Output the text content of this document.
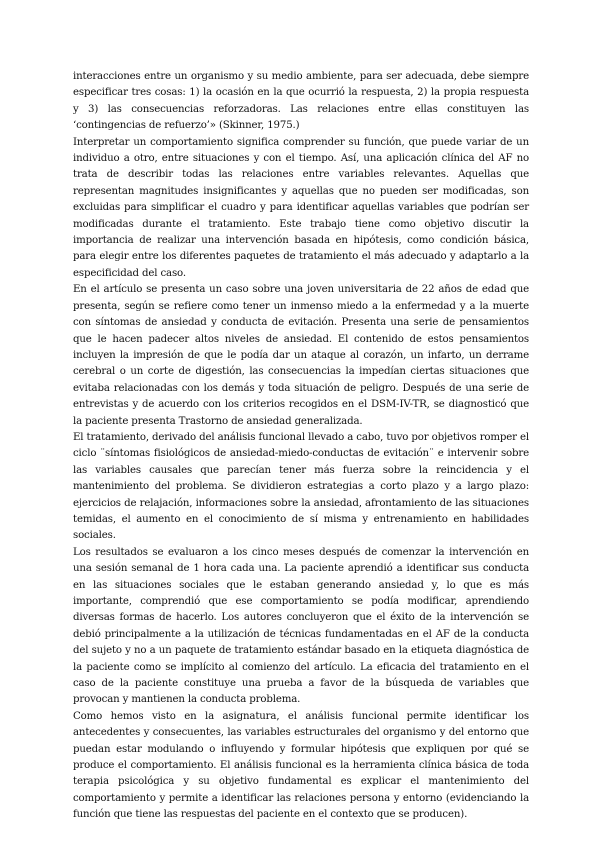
interacciones entre un organismo y su medio ambiente, para ser adecuada, debe siempre especificar tres cosas: 1) la ocasión en la que ocurrió la respuesta, 2) la propia respuesta y 3) las consecuencias reforzadoras. Las relaciones entre ellas constituyen las ‘contingencias de refuerzo’» (Skinner, 1975.)

Interpretar un comportamiento significa comprender su función, que puede variar de un individuo a otro, entre situaciones y con el tiempo. Así, una aplicación clínica del AF no trata de describir todas las relaciones entre variables relevantes. Aquellas que representan magnitudes insignificantes y aquellas que no pueden ser modificadas, son excluidas para simplificar el cuadro y para identificar aquellas variables que podrían ser modificadas durante el tratamiento. Este trabajo tiene como objetivo discutir la importancia de realizar una intervención basada en hipótesis, como condición básica, para elegir entre los diferentes paquetes de tratamiento el más adecuado y adaptarlo a la especificidad del caso.

En el artículo se presenta un caso sobre una joven universitaria de 22 años de edad que presenta, según se refiere como tener un inmenso miedo a la enfermedad y a la muerte con síntomas de ansiedad y conducta de evitación. Presenta una serie de pensamientos que le hacen padecer altos niveles de ansiedad. El contenido de estos pensamientos incluyen la impresión de que le podía dar un ataque al corazón, un infarto, un derrame cerebral o un corte de digestión, las consecuencias la impedían ciertas situaciones que evitaba relacionadas con los demás y toda situación de peligro. Después de una serie de entrevistas y de acuerdo con los criterios recogidos en el DSM-IV-TR, se diagnosticó que la paciente presenta Trastorno de ansiedad generalizada.

El tratamiento, derivado del análisis funcional llevado a cabo, tuvo por objetivos romper el ciclo ¨síntomas fisiológicos de ansiedad-miedo-conductas de evitación¨ e intervenir sobre las variables causales que parecían tener más fuerza sobre la reincidencia y el mantenimiento del problema. Se dividieron estrategias a corto plazo y a largo plazo: ejercicios de relajación, informaciones sobre la ansiedad, afrontamiento de las situaciones temidas, el aumento en el conocimiento de sí misma y entrenamiento en habilidades sociales.

Los resultados se evaluaron a los cinco meses después de comenzar la intervención en una sesión semanal de 1 hora cada una. La paciente aprendió a identificar sus conducta en las situaciones sociales que le estaban generando ansiedad y, lo que es más importante, comprendió que ese comportamiento se podía modificar, aprendiendo diversas formas de hacerlo. Los autores concluyeron que el éxito de la intervención se debió principalmente a la utilización de técnicas fundamentadas en el AF de la conducta del sujeto y no a un paquete de tratamiento estándar basado en la etiqueta diagnóstica de la paciente como se implícito al comienzo del artículo. La eficacia del tratamiento en el caso de la paciente constituye una prueba a favor de la búsqueda de variables que provocan y mantienen la conducta problema.

Como hemos visto en la asignatura, el análisis funcional permite identificar los antecedentes y consecuentes, las variables estructurales del organismo y del entorno que puedan estar modulando o influyendo y formular hipótesis que expliquen por qué se produce el comportamiento. El análisis funcional es la herramienta clínica básica de toda terapia psicológica y su objetivo fundamental es explicar el mantenimiento del comportamiento y permite a identificar las relaciones persona y entorno (evidenciando la función que tiene las respuestas del paciente en el contexto que se producen).
